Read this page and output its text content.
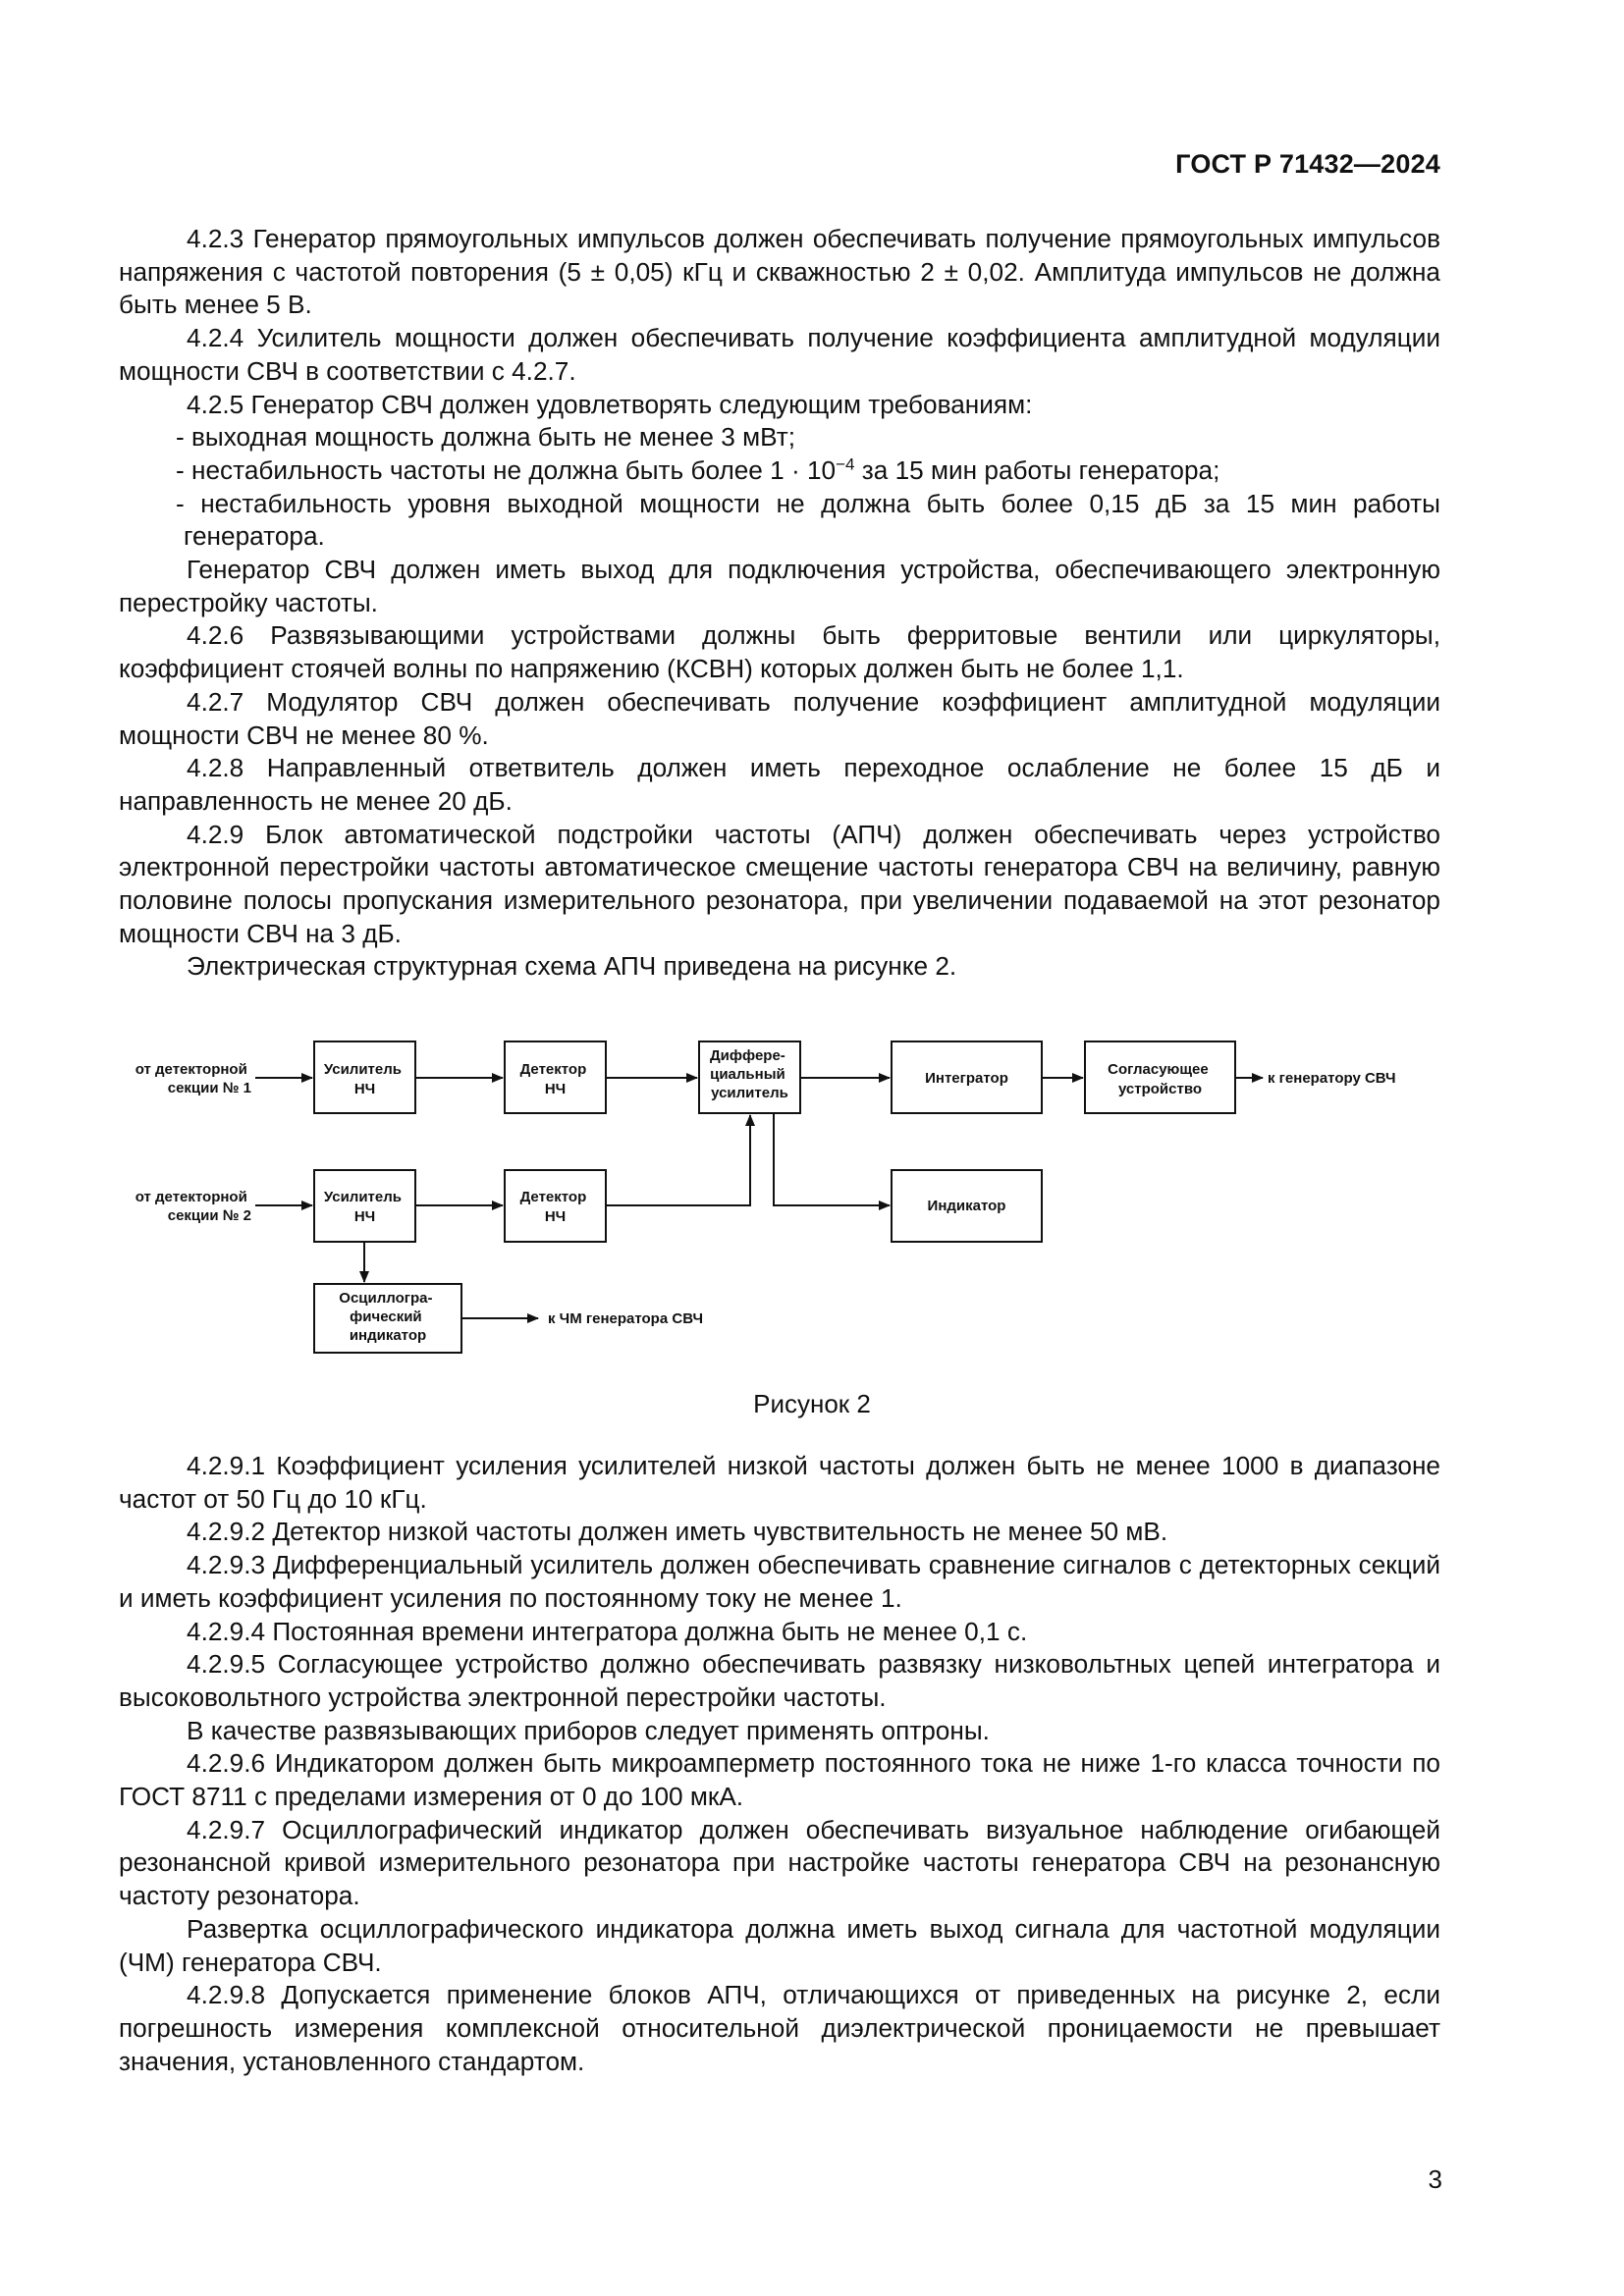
ГОСТ Р 71432—2024

4.2.3 Генератор прямоугольных импульсов должен обеспечивать получение прямоугольных импульсов напряжения с частотой повторения (5 ± 0,05) кГц и скважностью 2 ± 0,02. Амплитуда импульсов не должна быть менее 5 В.

4.2.4 Усилитель мощности должен обеспечивать получение коэффициента амплитудной модуляции мощности СВЧ в соответствии с 4.2.7.

4.2.5 Генератор СВЧ должен удовлетворять следующим требованиям:

- выходная мощность должна быть не менее 3 мВт;

- нестабильность частоты не должна быть более $1 \cdot 10^{-4}$ за 15 мин работы генератора;

- нестабильность уровня выходной мощности не должна быть более 0,15 дБ за 15 мин работы генератора.

Генератор СВЧ должен иметь выход для подключения устройства, обеспечивающего электронную перестройку частоты.

4.2.6 Развязывающими устройствами должны быть ферритовые вентили или циркуляторы, коэффициент стоячей волны по напряжению (КСВН) которых должен быть не более 1,1.

4.2.7 Модулятор СВЧ должен обеспечивать получение коэффициент амплитудной модуляции мощности СВЧ не менее 80 %.

4.2.8 Направленный ответвитель должен иметь переходное ослабление не более 15 дБ и направленность не менее 20 дБ.

4.2.9 Блок автоматической подстройки частоты (АПЧ) должен обеспечивать через устройство электронной перестройки частоты автоматическое смещение частоты генератора СВЧ на величину, равную половине полосы пропускания измерительного резонатора, при увеличении подаваемой на этот резонатор мощности СВЧ на 3 дБ.

Электрическая структурная схема АПЧ приведена на рисунке 2.

от детекторной секции № 1
от детекторной секции № 2
Усилитель НЧ
Детектор НЧ
Диффере- циальный усилитель
Интегратор
Согласующее устройство
Усилитель НЧ
Детектор НЧ
Индикатор
Осциллогра- фический индикатор
к генератору СВЧ
к ЧМ генератора СВЧ
Рисунок 2

4.2.9.1 Коэффициент усиления усилителей низкой частоты должен быть не менее 1000 в диапазоне частот от 50 Гц до 10 кГц.

4.2.9.2 Детектор низкой частоты должен иметь чувствительность не менее 50 мВ.

4.2.9.3 Дифференциальный усилитель должен обеспечивать сравнение сигналов с детекторных секций и иметь коэффициент усиления по постоянному току не менее 1.

4.2.9.4 Постоянная времени интегратора должна быть не менее 0,1 с.

4.2.9.5 Согласующее устройство должно обеспечивать развязку низковольтных цепей интегратора и высоковольтного устройства электронной перестройки частоты.

В качестве развязывающих приборов следует применять оптроны.

4.2.9.6 Индикатором должен быть микроамперметр постоянного тока не ниже 1-го класса точности по ГОСТ 8711 с пределами измерения от 0 до 100 мкА.

4.2.9.7 Осциллографический индикатор должен обеспечивать визуальное наблюдение огибающей резонансной кривой измерительного резонатора при настройке частоты генератора СВЧ на резонансную частоту резонатора.

Развертка осциллографического индикатора должна иметь выход сигнала для частотной модуляции (ЧМ) генератора СВЧ.

4.2.9.8 Допускается применение блоков АПЧ, отличающихся от приведенных на рисунке 2, если погрешность измерения комплексной относительной диэлектрической проницаемости не превышает значения, установленного стандартом.

3
